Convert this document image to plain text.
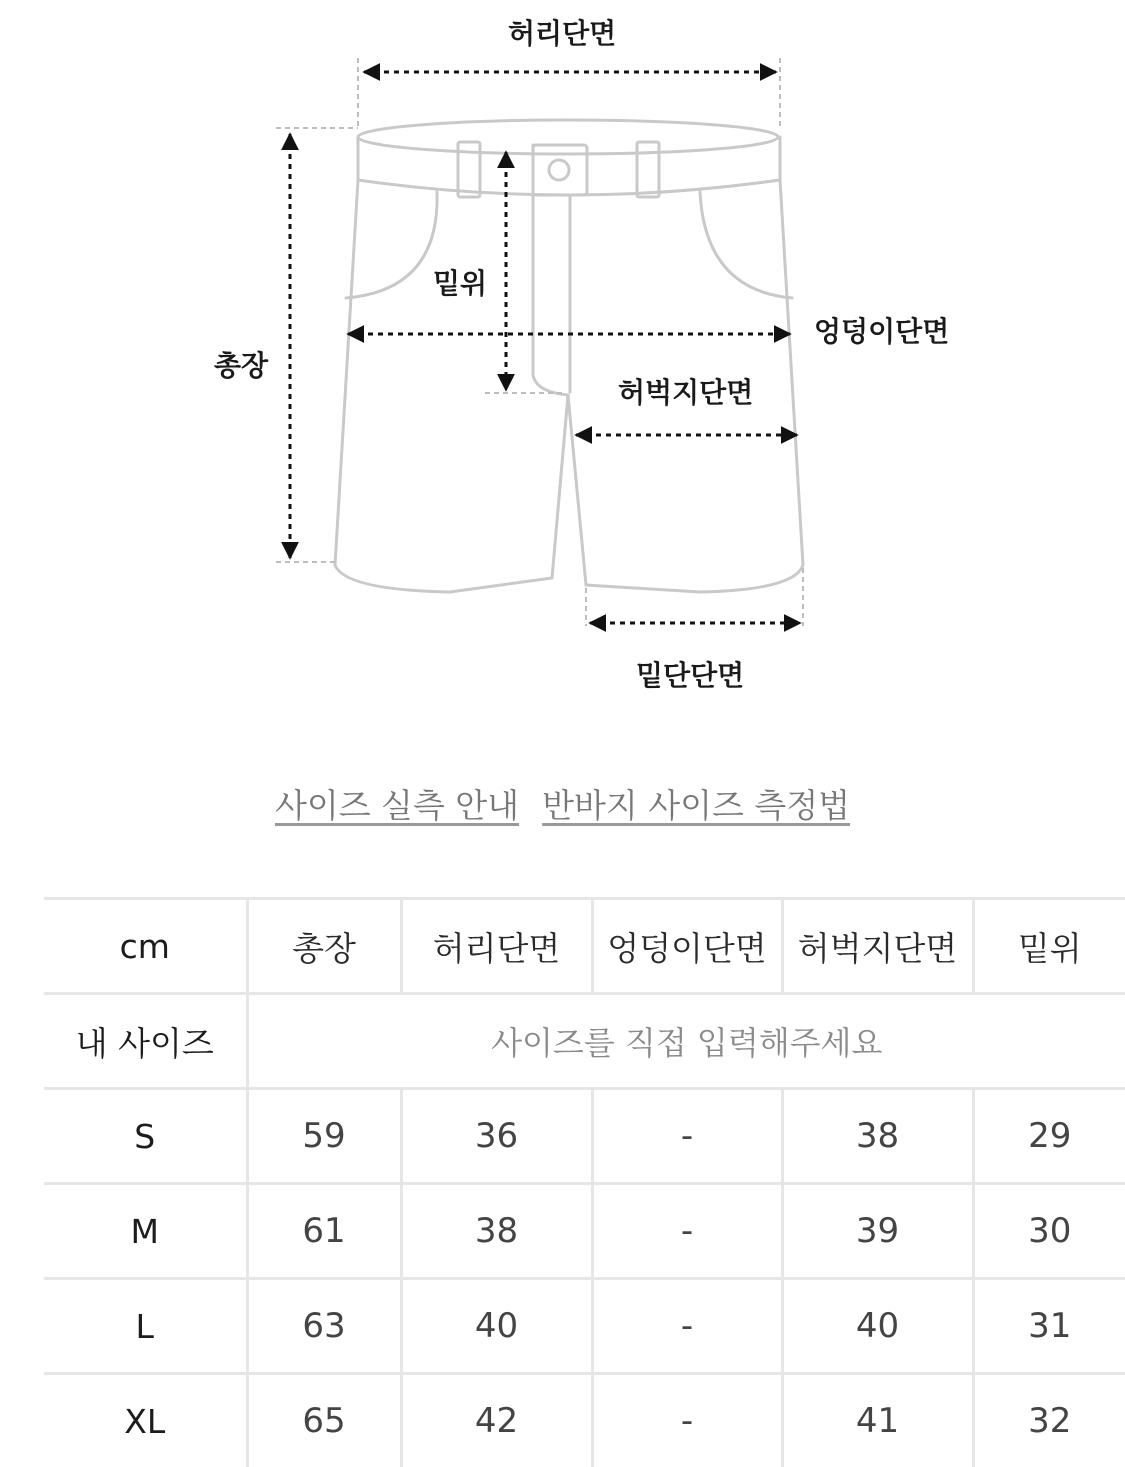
허리단면
밑위
엉덩이단면
총장
허벅지단면
밑단단면
사이즈 실측 안내 반바지 사이즈 측정법
cm	총장	허리단면	엉덩이단면	허벅지단면	밑위
내 사이즈	사이즈를 직접 입력해주세요				
S	59	36	-	38	29
M	61	38	-	39	30
L	63	40	-	40	31
XL	65	42	-	41	32
